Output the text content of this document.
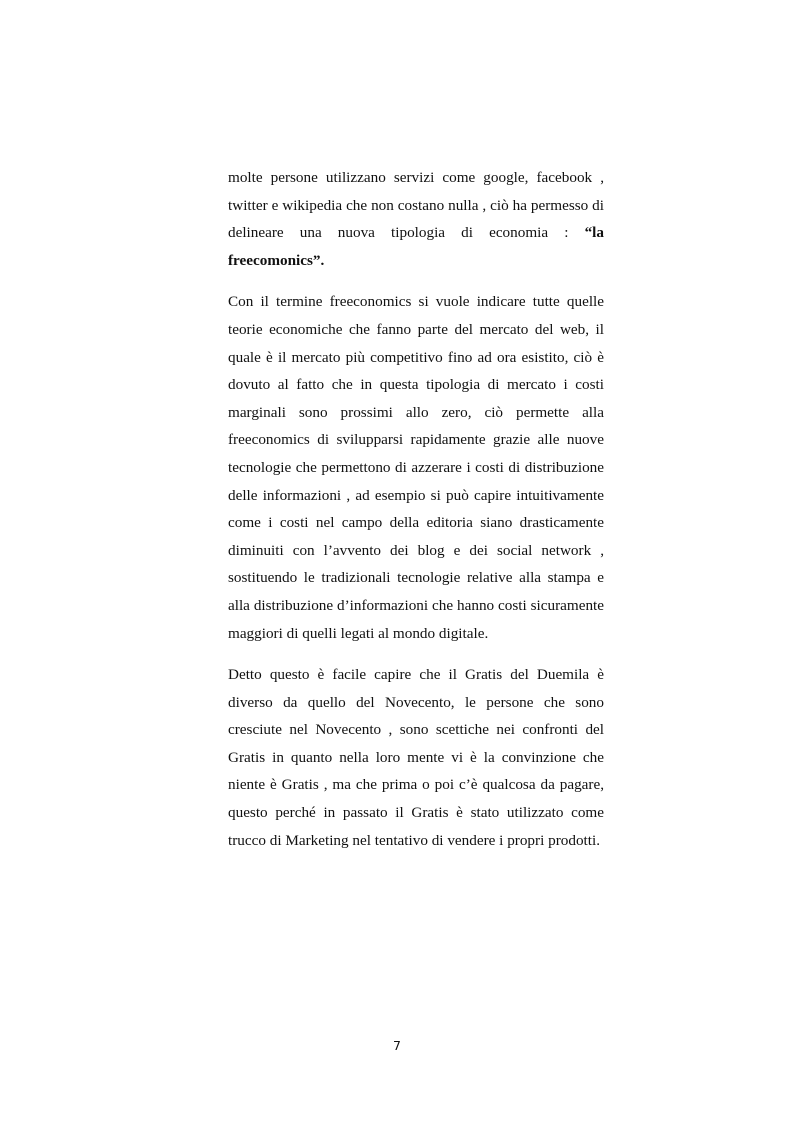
molte persone utilizzano servizi come google, facebook , twitter e wikipedia che non costano nulla , ciò ha permesso di delineare una nuova tipologia di economia : “la freecomonics”.

Con il termine freeconomics si vuole indicare tutte quelle teorie economiche che fanno parte del mercato del web, il quale è il mercato più competitivo fino ad ora esistito, ciò è dovuto al fatto che in questa tipologia di mercato i costi marginali sono prossimi allo zero, ciò permette alla freeconomics di svilupparsi rapidamente grazie alle nuove tecnologie che permettono di azzerare i costi di distribuzione delle informazioni , ad esempio si può capire intuitivamente come i costi nel campo della editoria siano drasticamente diminuiti con l’avvento dei blog e dei social network , sostituendo le tradizionali tecnologie relative alla stampa e alla distribuzione d’informazioni che hanno costi sicuramente maggiori di quelli legati al mondo digitale.

Detto questo è facile capire che il Gratis del Duemila è diverso da quello del Novecento, le persone che sono cresciute nel Novecento , sono scettiche nei confronti del Gratis in quanto nella loro mente vi è la convinzione che niente è Gratis , ma che prima o poi c’è qualcosa da pagare, questo perché in passato il Gratis è stato utilizzato come trucco di Marketing nel tentativo di vendere i propri prodotti.

7
